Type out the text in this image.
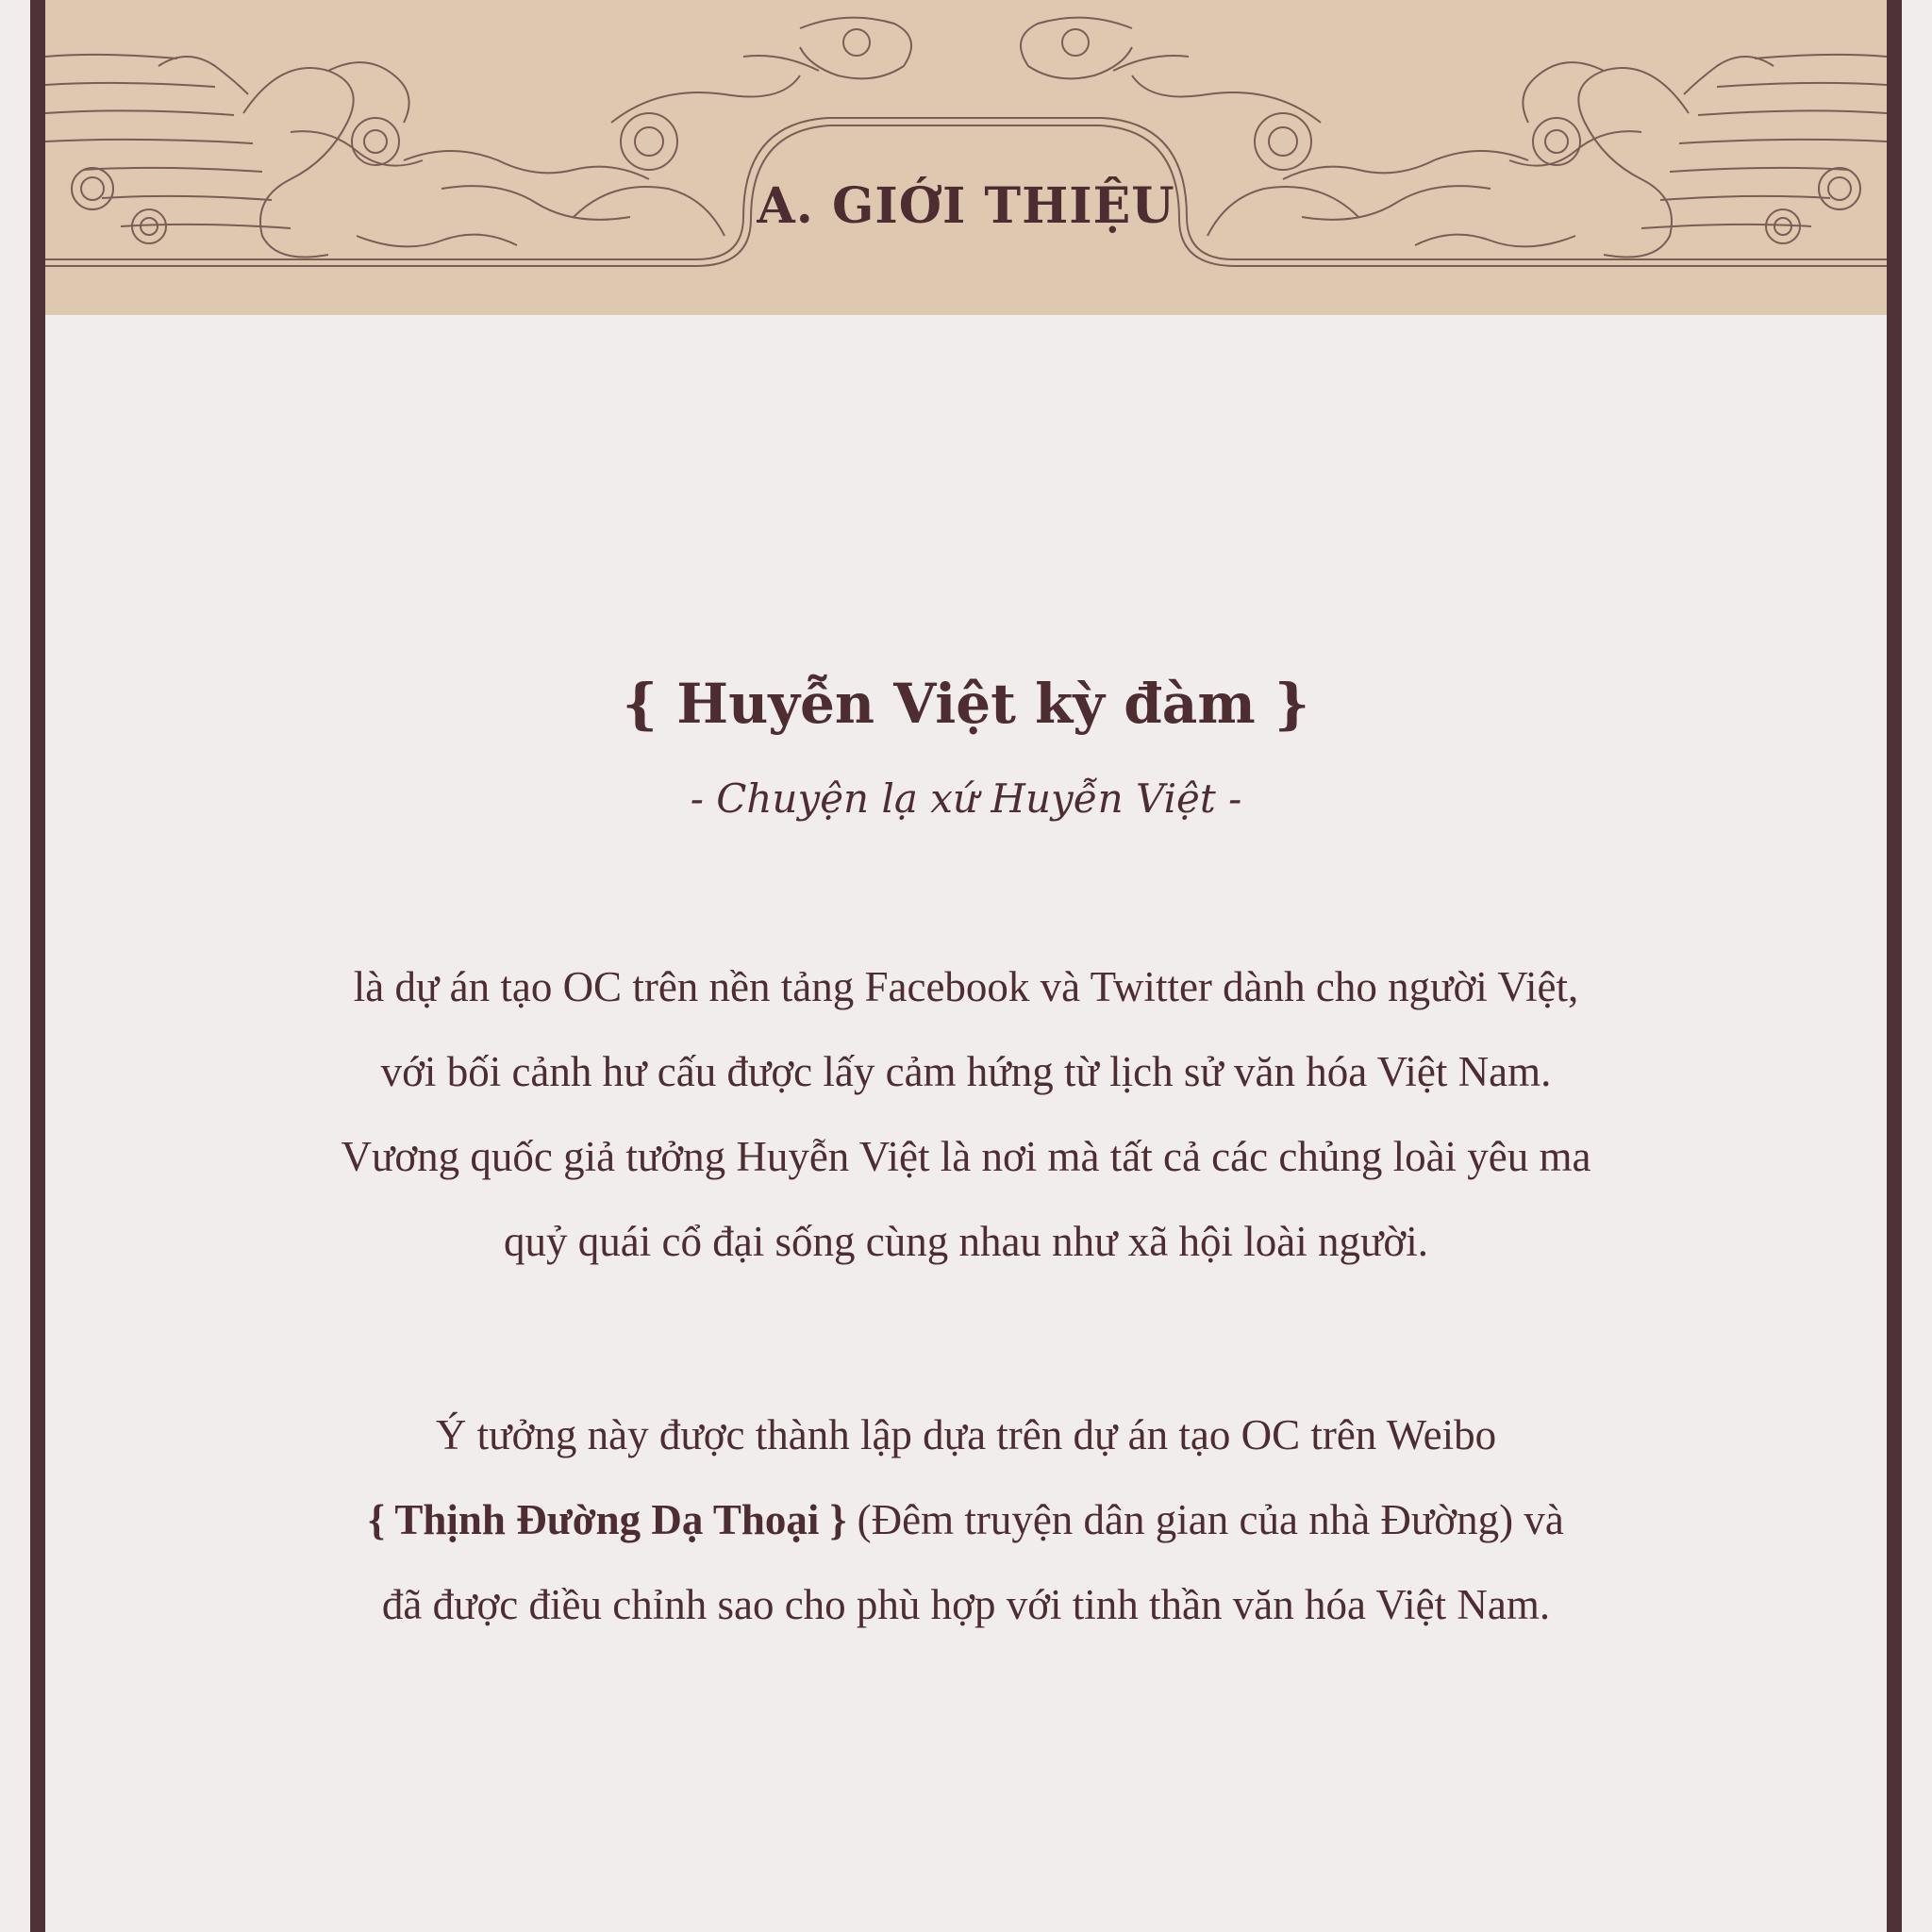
A. GIỚI THIỆU
{ Huyễn Việt kỳ đàm }

- Chuyện lạ xứ Huyễn Việt -

là dự án tạo OC trên nền tảng Facebook và Twitter dành cho người Việt,
với bối cảnh hư cấu được lấy cảm hứng từ lịch sử văn hóa Việt Nam.
Vương quốc giả tưởng Huyễn Việt là nơi mà tất cả các chủng loài yêu ma
quỷ quái cổ đại sống cùng nhau như xã hội loài người.
Ý tưởng này được thành lập dựa trên dự án tạo OC trên Weibo
{ Thịnh Đường Dạ Thoại } (Đêm truyện dân gian của nhà Đường) và
đã được điều chỉnh sao cho phù hợp với tinh thần văn hóa Việt Nam.
